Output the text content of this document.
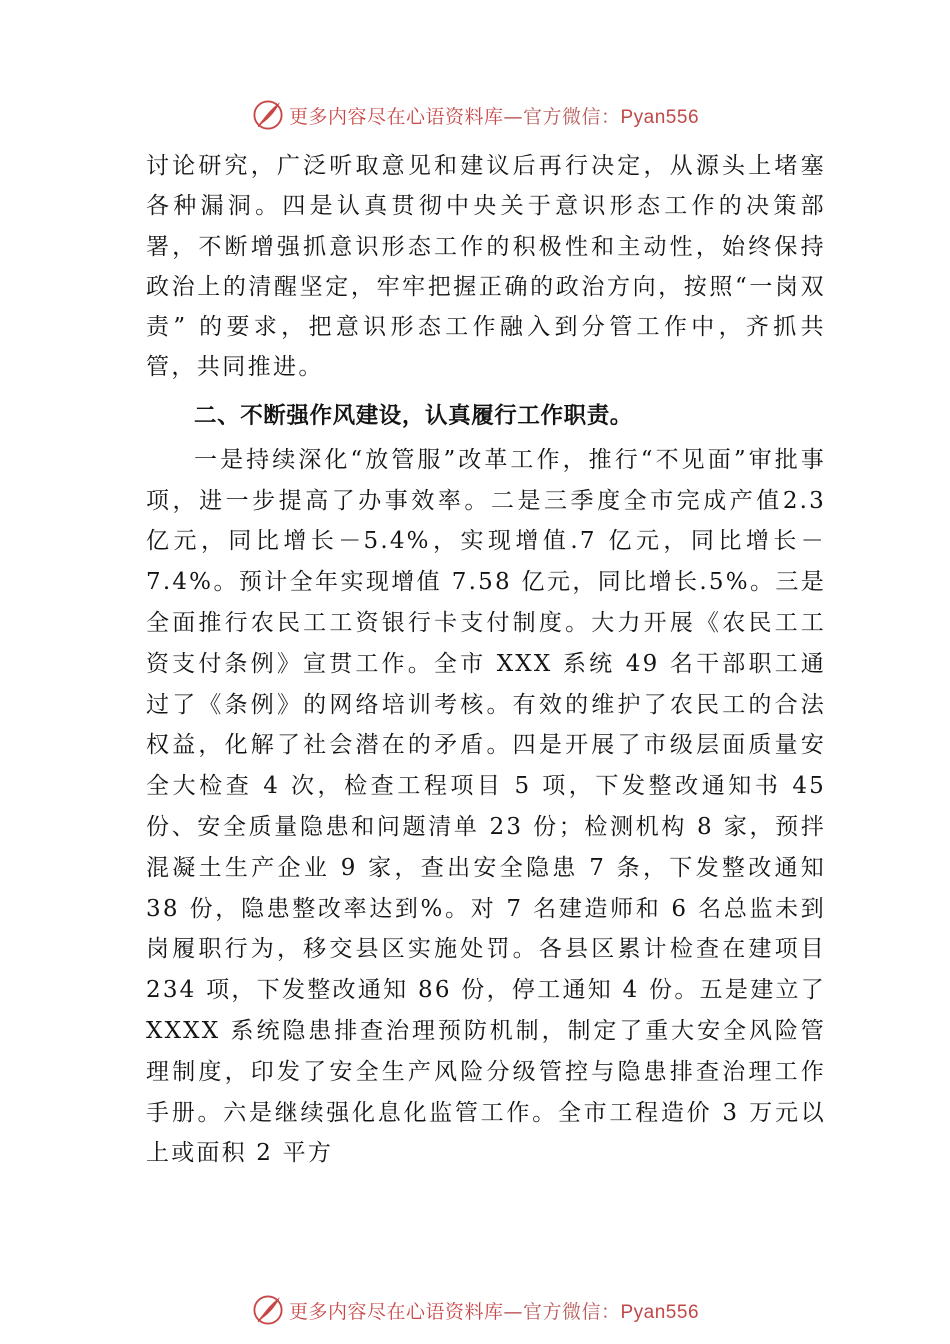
更多内容尽在心语资料库—官方微信：Pyan556

讨论研究，广泛听取意见和建议后再行决定，从源头上堵塞各种漏洞。四是认真贯彻中央关于意识形态工作的决策部署，不断增强抓意识形态工作的积极性和主动性，始终保持政治上的清醒坚定，牢牢把握正确的政治方向，按照“一岗双责” 的要求，把意识形态工作融入到分管工作中，齐抓共管，共同推进。

二、不断强作风建设，认真履行工作职责。

一是持续深化“放管服”改革工作，推行“不见面”审批事项，进一步提高了办事效率。二是三季度全市完成产值2.3 亿元，同比增长－5.4%，实现增值.7 亿元，同比增长－7.4%。预计全年实现增值 7.58 亿元，同比增长.5%。三是全面推行农民工工资银行卡支付制度。大力开展《农民工工资支付条例》宣贯工作。全市 XXX 系统 49 名干部职工通过了《条例》的网络培训考核。有效的维护了农民工的合法权益，化解了社会潜在的矛盾。四是开展了市级层面质量安全大检查 4 次，检查工程项目 5 项，下发整改通知书 45 份、安全质量隐患和问题清单 23 份；检测机构 8 家，预拌混凝土生产企业 9 家，查出安全隐患 7 条，下发整改通知 38 份，隐患整改率达到%。对 7 名建造师和 6 名总监未到岗履职行为，移交县区实施处罚。各县区累计检查在建项目 234 项，下发整改通知 86 份，停工通知 4 份。五是建立了 XXXX 系统隐患排查治理预防机制，制定了重大安全风险管理制度，印发了安全生产风险分级管控与隐患排查治理工作手册。六是继续强化息化监管工作。全市工程造价 3 万元以上或面积 2 平方

更多内容尽在心语资料库—官方微信：Pyan556
